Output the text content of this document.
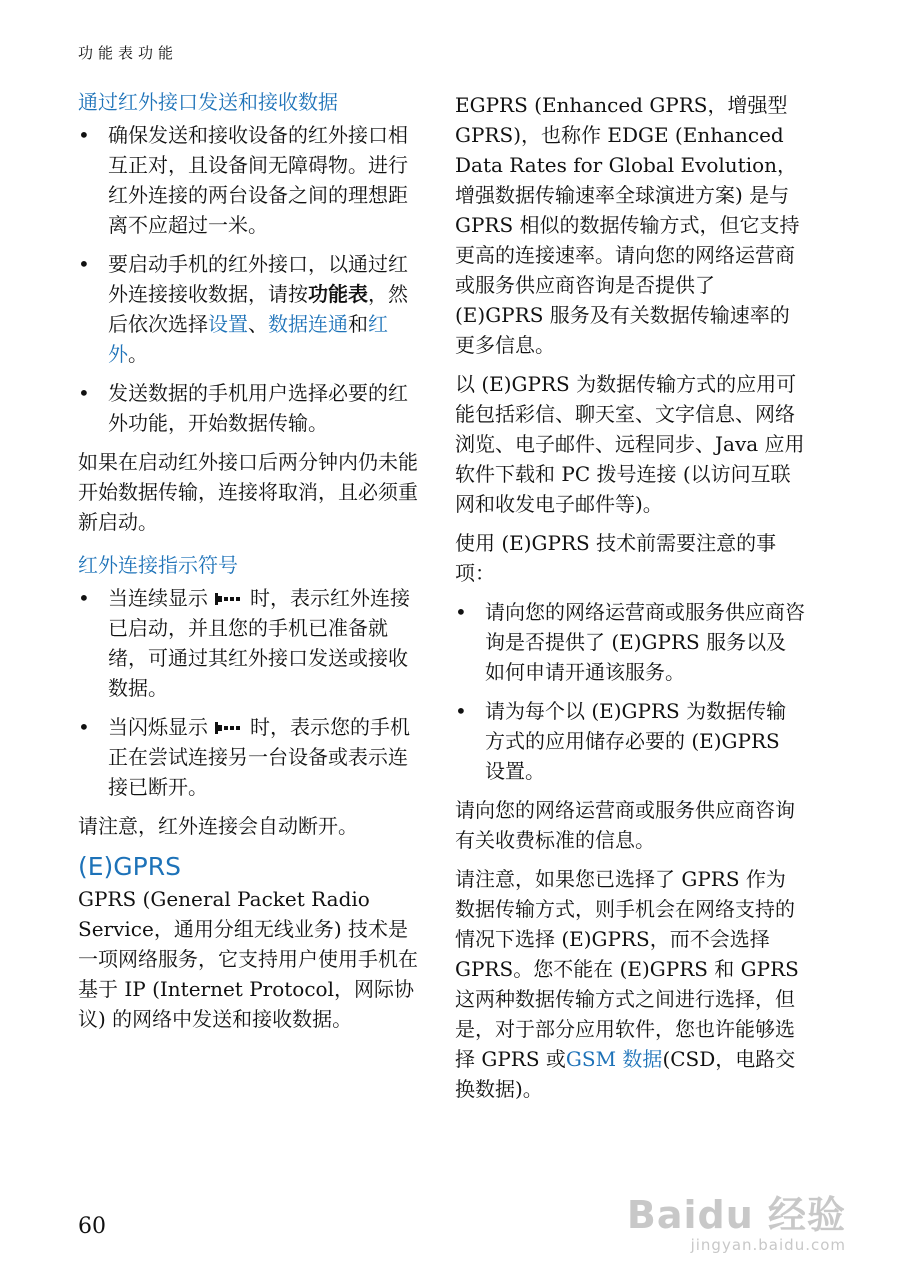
功能表功能
通过红外接口发送和接收数据
• 确保发送和接收设备的红外接口相互正对，且设备间无障碍物。进行红外连接的两台设备之间的理想距离不应超过一米。
• 要启动手机的红外接口，以通过红外连接接收数据，请按功能表，然后依次选择设置、数据连通和红外。
• 发送数据的手机用户选择必要的红外功能，开始数据传输。

如果在启动红外接口后两分钟内仍未能开始数据传输，连接将取消，且必须重新启动。

红外连接指示符号
• 当连续显示 时，表示红外连接已启动，并且您的手机已准备就绪，可通过其红外接口发送或接收数据。
• 当闪烁显示 时，表示您的手机正在尝试连接另一台设备或表示连接已断开。

请注意，红外连接会自动断开。

(E)GPRS

GPRS (General Packet Radio Service，通用分组无线业务) 技术是一项网络服务，它支持用户使用手机在基于 IP (Internet Protocol，网际协议) 的网络中发送和接收数据。

EGPRS (Enhanced GPRS，增强型 GPRS)，也称作 EDGE (Enhanced Data Rates for Global Evolution，增强数据传输速率全球演进方案) 是与 GPRS 相似的数据传输方式，但它支持更高的连接速率。请向您的网络运营商或服务供应商咨询是否提供了 (E)GPRS 服务及有关数据传输速率的更多信息。

以 (E)GPRS 为数据传输方式的应用可能包括彩信、聊天室、文字信息、网络浏览、电子邮件、远程同步、Java 应用软件下载和 PC 拨号连接 (以访问互联网和收发电子邮件等)。

使用 (E)GPRS 技术前需要注意的事项：

• 请向您的网络运营商或服务供应商咨询是否提供了 (E)GPRS 服务以及如何申请开通该服务。
• 请为每个以 (E)GPRS 为数据传输方式的应用储存必要的 (E)GPRS 设置。

请向您的网络运营商或服务供应商咨询有关收费标准的信息。

请注意，如果您已选择了 GPRS 作为数据传输方式，则手机会在网络支持的情况下选择 (E)GPRS，而不会选择 GPRS。您不能在 (E)GPRS 和 GPRS 这两种数据传输方式之间进行选择，但是，对于部分应用软件，您也许能够选择 GPRS 或GSM 数据(CSD，电路交换数据)。

60	Baidu 经验
jingyan.baidu.com
